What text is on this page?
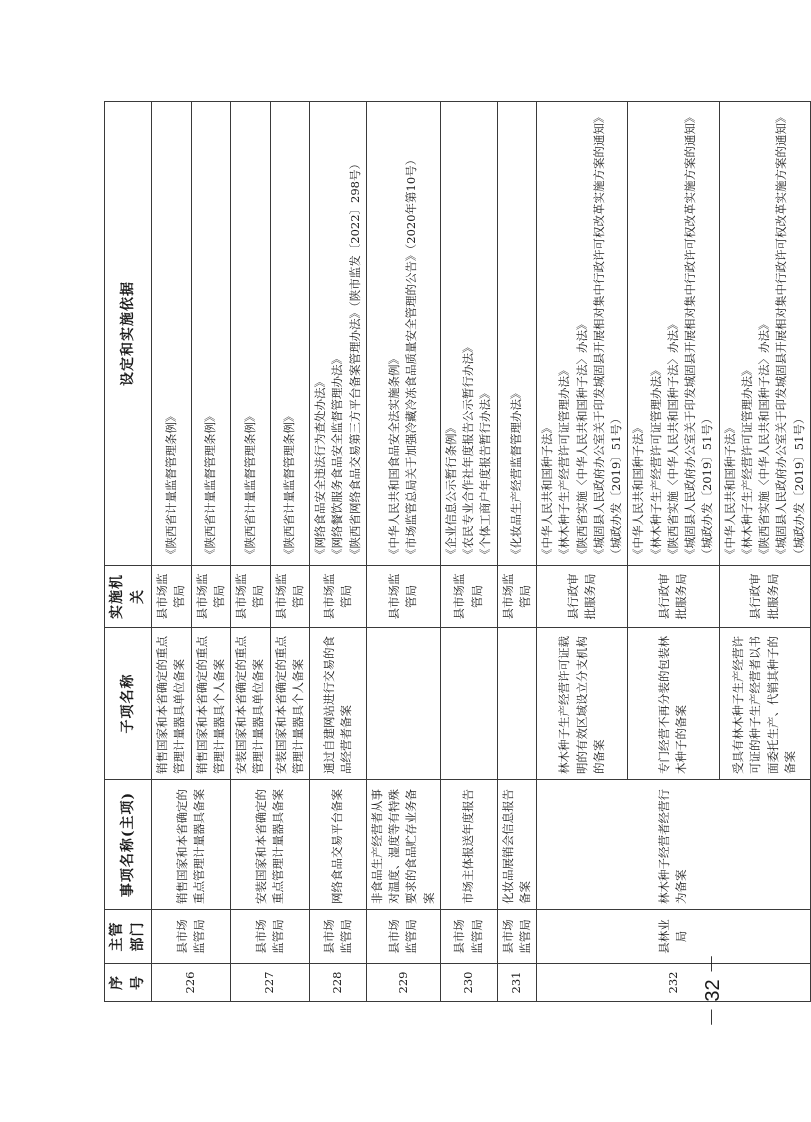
序号	主管部门	事项名称(主项)	子项名称	实施机关	设定和实施依据
226	县市场监管局	销售国家和本省确定的重点管理计量器具备案	销售国家和本省确定的重点管理计量器具单位备案	县市场监管局	《陕西省计量监督管理条例》

			销售国家和本省确定的重点管理计量器具个人备案	县市场监管局	《陕西省计量监督管理条例》

227	县市场监管局	安装国家和本省确定的重点管理计量器具备案	安装国家和本省确定的重点管理计量器具单位备案	县市场监管局	《陕西省计量监督管理条例》

			安装国家和本省确定的重点管理计量器具个人备案	县市场监管局	《陕西省计量监督管理条例》

228	县市场监管局	网络食品交易平台备案	通过自建网站进行交易的食品经营者备案	县市场监管局	《网络食品安全违法行为查处办法》 《网络餐饮服务食品安全监督管理办法》 《陕西省网络食品交易第三方平台备案管理办法》（陕市监发〔2022〕298号）

229	县市场监管局	非食品生产经营者从事对温度、湿度等有特殊要求的食品贮存业务备案		县市场监管局	《中华人民共和国食品安全法实施条例》 《市场监管总局关于加强冷藏冷冻食品质量安全管理的公告》（2020年第10号）

230	县市场监管局	市场主体报送年度报告		县市场监管局	《企业信息公示暂行条例》 《农民专业合作社年度报告公示暂行办法》 《个体工商户年度报告暂行办法》

231	县市场监管局	化妆品展销会信息报告备案		县市场监管局	《化妆品生产经营监督管理办法》

232	县林业局	林木种子经营者经营行为备案	林木种子生产经营许可证载明的有效区域设立分支机构的备案	县行政审批服务局	《中华人民共和国种子法》 《林木种子生产经营许可证管理办法》 《陕西省实施〈中华人民共和国种子法〉办法》 《城固县人民政府办公室关于印发城固县开展相对集中行政许可权改革实施方案的通知》（城政办发〔2019〕51号）

			专门经营不再分装的包装林木种子的备案	县行政审批服务局	《中华人民共和国种子法》 《林木种子生产经营许可证管理办法》 《陕西省实施〈中华人民共和国种子法〉办法》 《城固县人民政府办公室关于印发城固县开展相对集中行政许可权改革实施方案的通知》（城政办发〔2019〕51号）

			受具有林木种子生产经营许可证的种子生产经营者以书面委托生产、代销其种子的备案	县行政审批服务局	《中华人民共和国种子法》 《林木种子生产经营许可证管理办法》 《陕西省实施〈中华人民共和国种子法〉办法》 《城固县人民政府办公室关于印发城固县开展相对集中行政许可权改革实施方案的通知》（城政办发〔2019〕51号）
－ 32 －
